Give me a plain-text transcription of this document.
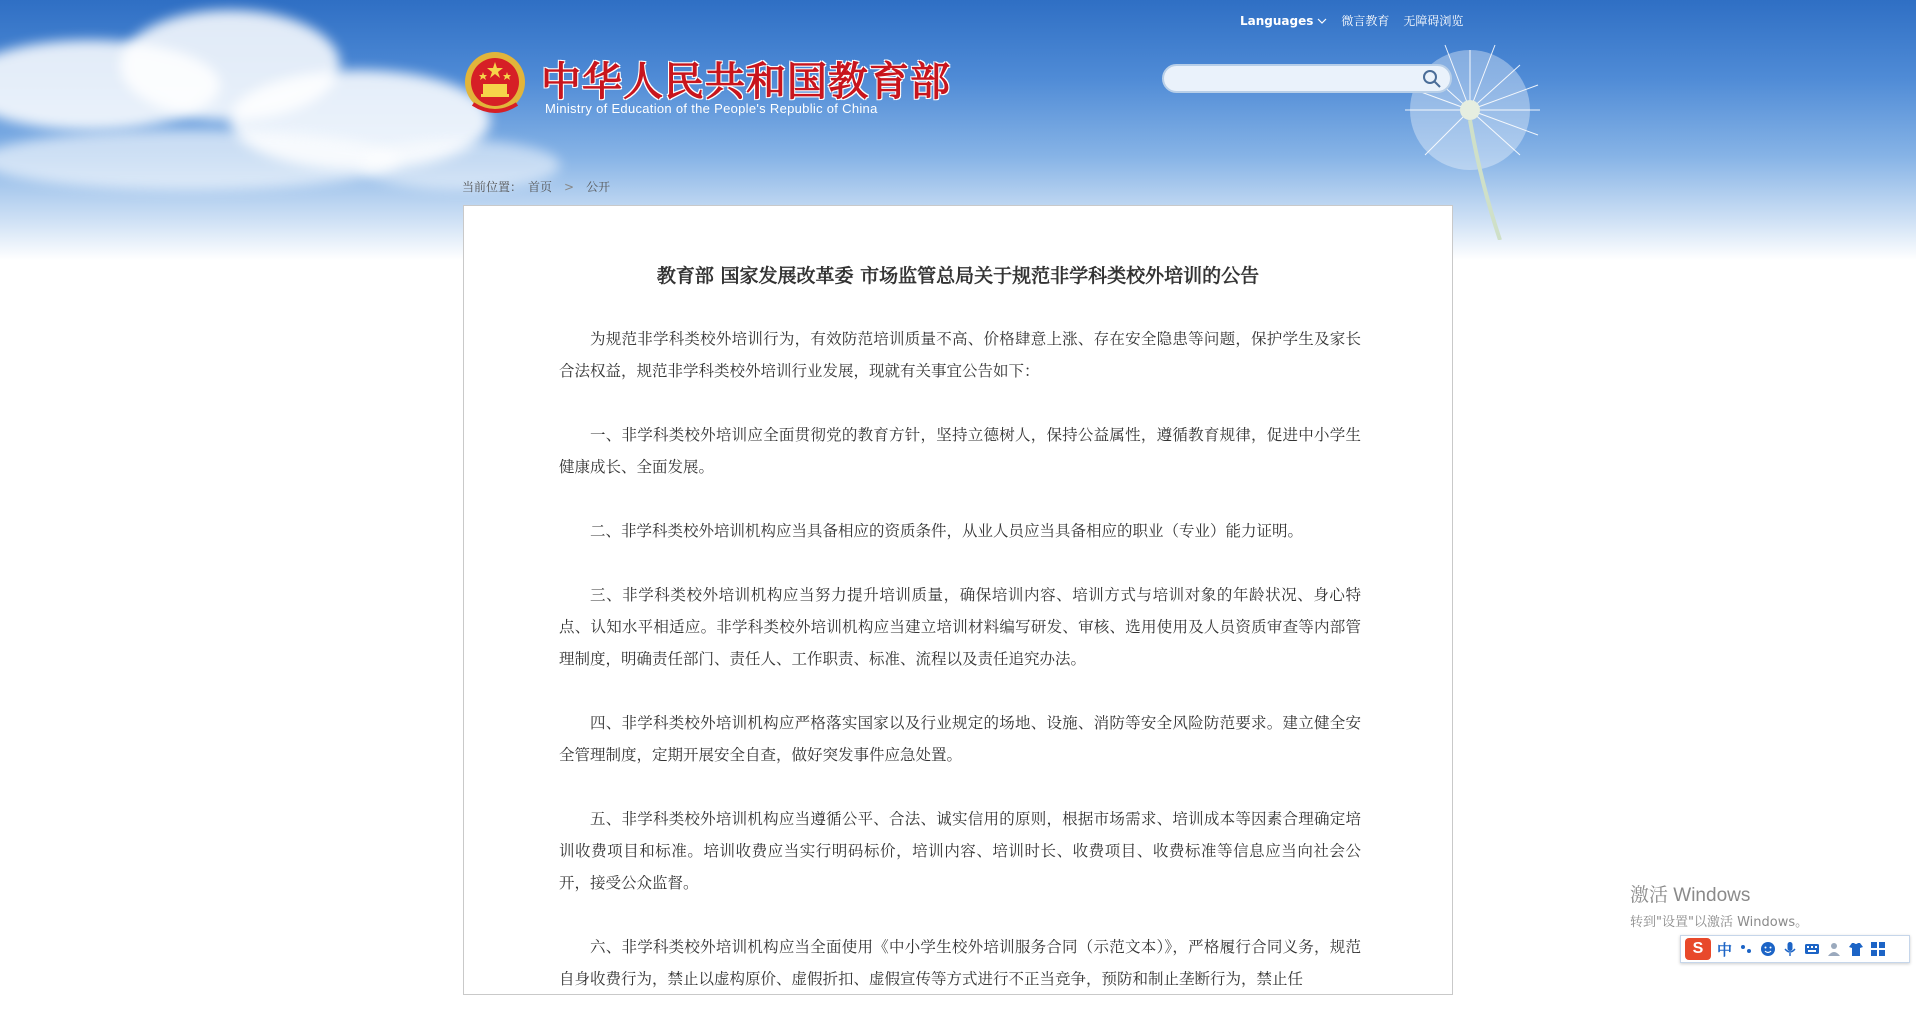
Languages 微言教育 无障碍浏览
中华人民共和国教育部
Ministry of Education of the People's Republic of China
当前位置： 首页 > 公开
教育部 国家发展改革委 市场监管总局关于规范非学科类校外培训的公告

为规范非学科类校外培训行为，有效防范培训质量不高、价格肆意上涨、存在安全隐患等问题，保护学生及家长合法权益，规范非学科类校外培训行业发展，现就有关事宜公告如下：

一、非学科类校外培训应全面贯彻党的教育方针，坚持立德树人，保持公益属性，遵循教育规律，促进中小学生健康成长、全面发展。

二、非学科类校外培训机构应当具备相应的资质条件，从业人员应当具备相应的职业（专业）能力证明。

三、非学科类校外培训机构应当努力提升培训质量，确保培训内容、培训方式与培训对象的年龄状况、身心特点、认知水平相适应。非学科类校外培训机构应当建立培训材料编写研发、审核、选用使用及人员资质审查等内部管理制度，明确责任部门、责任人、工作职责、标准、流程以及责任追究办法。

四、非学科类校外培训机构应严格落实国家以及行业规定的场地、设施、消防等安全风险防范要求。建立健全安全管理制度，定期开展安全自查，做好突发事件应急处置。

五、非学科类校外培训机构应当遵循公平、合法、诚实信用的原则，根据市场需求、培训成本等因素合理确定培训收费项目和标准。培训收费应当实行明码标价，培训内容、培训时长、收费项目、收费标准等信息应当向社会公开，接受公众监督。

六、非学科类校外培训机构应当全面使用《中小学生校外培训服务合同（示范文本）》，严格履行合同义务，规范自身收费行为，禁止以虚构原价、虚假折扣、虚假宣传等方式进行不正当竞争，预防和制止垄断行为，禁止任

激活 Windows
转到"设置"以激活 Windows。
S 中
